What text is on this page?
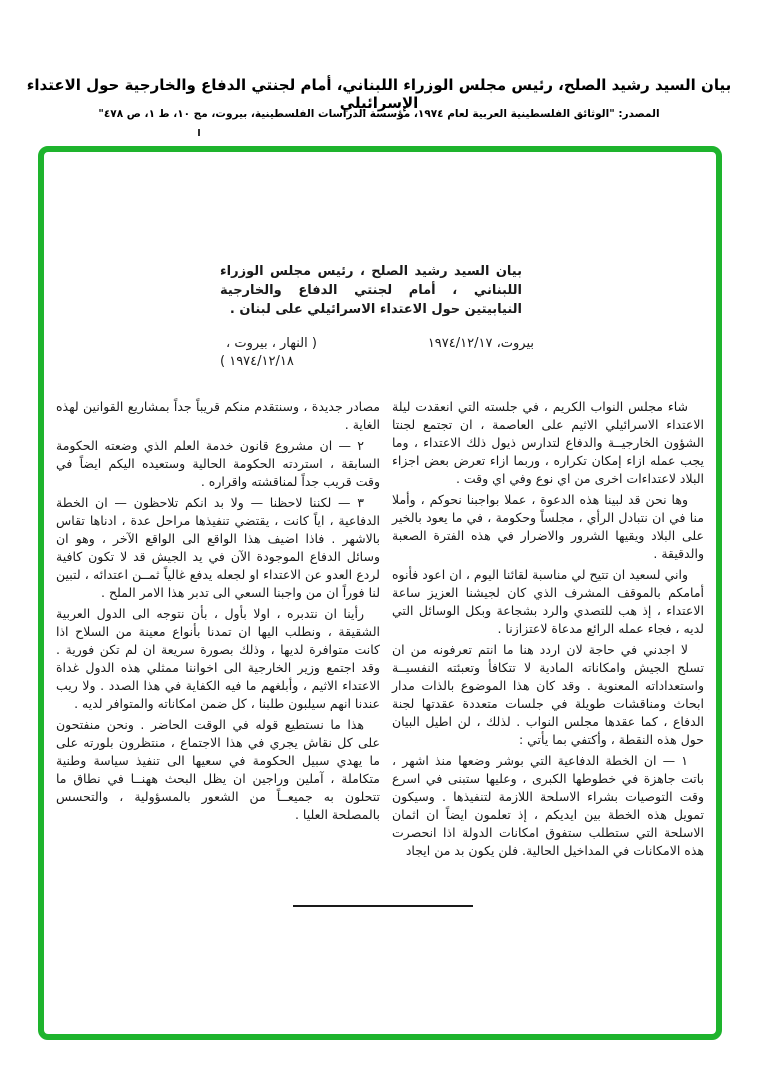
بيان السيد رشيد الصلح، رئيس مجلس الوزراء اللبناني، أمام لجنتي الدفاع والخارجية حول الاعتداء الإسرائيلي
المصدر: "الوثائق الفلسطينية العربية لعام ١٩٧٤، مؤسسة الدراسات الفلسطينية، بيروت، مج ١٠، ط ١، ص ٤٧٨"
بيان السيد رشيد الصلح ، رئيس مجلس الوزراء اللبناني ، أمام لجنتي الدفاع والخارجية النيابيتين حول الاعتداء الاسرائيلي على لبنان .
بيروت، ١٩٧٤/١٢/١٧
( النهار ، بيروت ،
١٩٧٤/١٢/١٨ )

شاء مجلس النواب الكريم ، في جلسته التي انعقدت ليلة الاعتداء الاسرائيلي الاثيم على العاصمة ، ان تجتمع لجنتا الشؤون الخارجيــة والدفاع لتدارس ذيول ذلك الاعتداء ، وما يجب عمله ازاء إمكان تكراره ، وربما ازاء تعرض بعض اجزاء البلاد لاعتداءات اخرى من اي نوع وفي اي وقت .

وها نحن قد لبينا هذه الدعوة ، عملا بواجبنا نحوكم ، وأملا منا في ان نتبادل الرأي ، مجلساً وحكومة ، في ما يعود بالخير على البلاد ويقيها الشرور والاضرار في هذه الفترة الصعبة والدقيقة .

واني لسعيد ان تتيح لي مناسبة لقائنا اليوم ، ان اعود فأنوه أمامكم بالموقف المشرف الذي كان لجيشنا العزيز ساعة الاعتداء ، إذ هب للتصدي والرد بشجاعة وبكل الوسائل التي لديه ، فجاء عمله الرائع مدعاة لاعتزازنا .

لا اجدني في حاجة لان اردد هنا ما انتم تعرفونه من ان تسلح الجيش وامكاناته المادية لا تتكافأ وتعبئته النفسيــة واستعداداته المعنوية . وقد كان هذا الموضوع بالذات مدار ابحاث ومناقشات طويلة في جلسات متعددة عقدتها لجنة الدفاع ، كما عقدها مجلس النواب . لذلك ، لن اطيل البيان حول هذه النقطة ، وأكتفي بما يأتي :

١ — ان الخطة الدفاعية التي بوشر وضعها منذ اشهر ، باتت جاهزة في خطوطها الكبرى ، وعليها ستبنى في اسرع وقت التوصيات بشراء الاسلحة اللازمة لتنفيذها . وسيكون تمويل هذه الخطة بين ايديكم ، إذ تعلمون ايضاً ان اثمان الاسلحة التي ستطلب ستفوق امكانات الدولة اذا انحصرت هذه الامكانات في المداخيل الحالية. فلن يكون بد من ايجاد

مصادر جديدة ، وسنتقدم منكم قريباً جداً بمشاريع القوانين لهذه الغاية .

٢ — ان مشروع قانون خدمة العلم الذي وضعته الحكومة السابقة ، استردته الحكومة الحالية وستعيده اليكم ايضاً في وقت قريب جداً لمناقشته واقراره .

٣ — لكننا لاحظنا — ولا بد انكم تلاحظون — ان الخطة الدفاعية ، اياً كانت ، يقتضي تنفيذها مراحل عدة ، ادناها تقاس بالاشهر . فاذا اضيف هذا الواقع الى الواقع الآخر ، وهو ان وسائل الدفاع الموجودة الآن في يد الجيش قد لا تكون كافية لردع العدو عن الاعتداء او لجعله يدفع غالياً ثمــن اعتدائه ، لتبين لنا فوراً ان من واجبنا السعي الى تدبر هذا الامر الملح .

رأينا ان نتدبره ، اولا بأول ، بأن نتوجه الى الدول العربية الشقيقة ، ونطلب اليها ان تمدنا بأنواع معينة من السلاح اذا كانت متوافرة لديها ، وذلك بصورة سريعة ان لم تكن فورية . وقد اجتمع وزير الخارجية الى اخواننا ممثلي هذه الدول غداة الاعتداء الاثيم ، وأبلغهم ما فيه الكفاية في هذا الصدد . ولا ريب عندنا انهم سيلبون طلبنا ، كل ضمن امكاناته والمتوافر لديه .

هذا ما نستطيع قوله في الوقت الحاضر . ونحن منفتحون على كل نقاش يجري في هذا الاجتماع ، منتظرون بلورته على ما يهدي سبيل الحكومة في سعيها الى تنفيذ سياسة وطنية متكاملة ، آملين وراجين ان يظل البحث ههنــا في نطاق ما تتحلون به جميعــاً من الشعور بالمسؤولية ، والتحسس بالمصلحة العليا .
